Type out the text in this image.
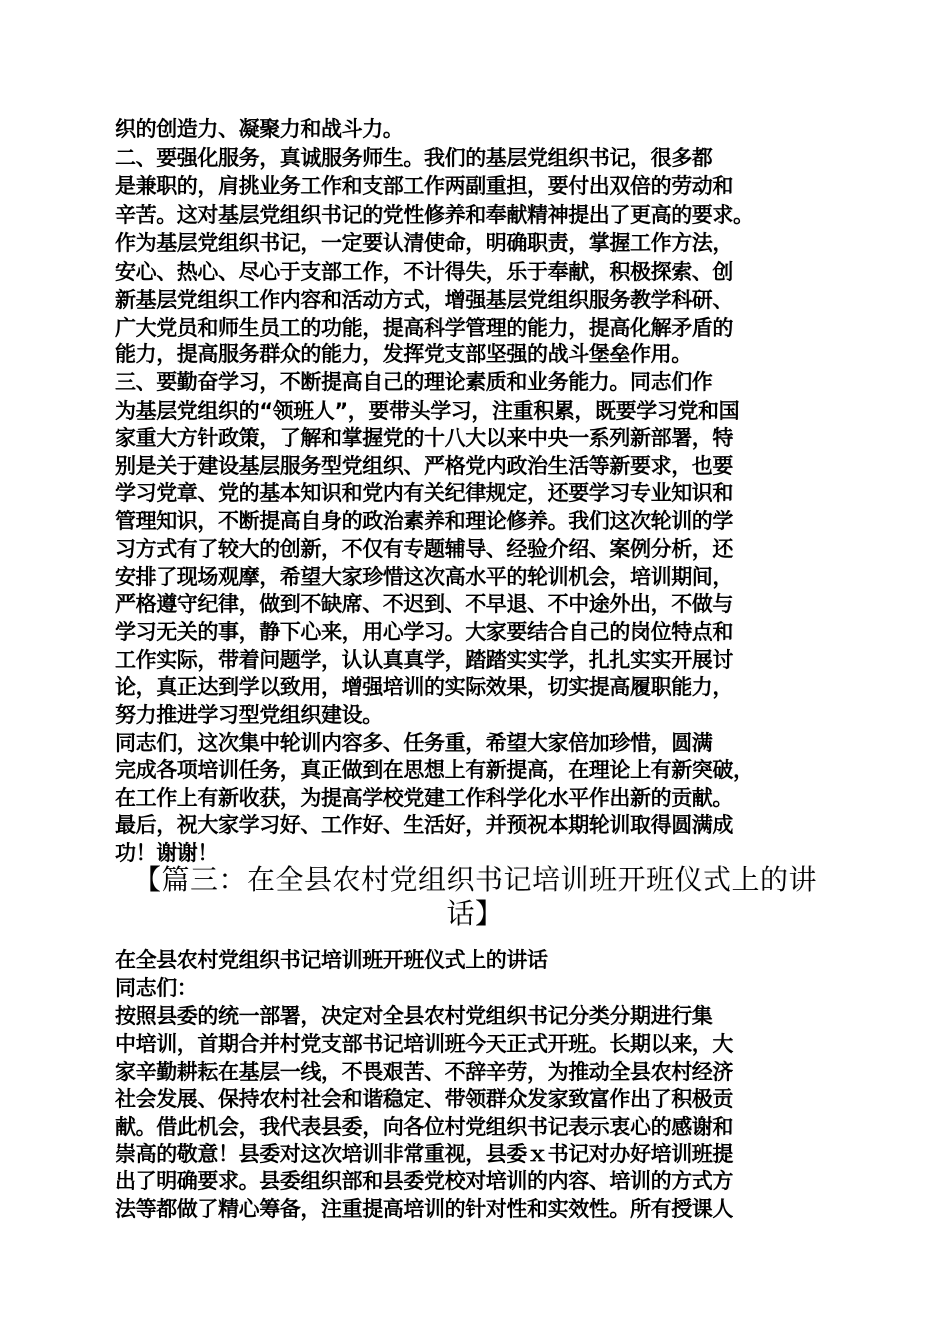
织的创造力、凝聚力和战斗力。
二、要强化服务，真诚服务师生。我们的基层党组织书记，很多都
是兼职的，肩挑业务工作和支部工作两副重担，要付出双倍的劳动和
辛苦。这对基层党组织书记的党性修养和奉献精神提出了更高的要求。
作为基层党组织书记，一定要认清使命，明确职责，掌握工作方法，
安心、热心、尽心于支部工作，不计得失，乐于奉献，积极探索、创
新基层党组织工作内容和活动方式，增强基层党组织服务教学科研、
广大党员和师生员工的功能，提高科学管理的能力，提高化解矛盾的
能力，提高服务群众的能力，发挥党支部坚强的战斗堡垒作用。
三、要勤奋学习，不断提高自己的理论素质和业务能力。同志们作
为基层党组织的“领班人”，要带头学习，注重积累，既要学习党和国
家重大方针政策，了解和掌握党的十八大以来中央一系列新部署，特
别是关于建设基层服务型党组织、严格党内政治生活等新要求，也要
学习党章、党的基本知识和党内有关纪律规定，还要学习专业知识和
管理知识，不断提高自身的政治素养和理论修养。我们这次轮训的学
习方式有了较大的创新，不仅有专题辅导、经验介绍、案例分析，还
安排了现场观摩，希望大家珍惜这次高水平的轮训机会，培训期间，
严格遵守纪律，做到不缺席、不迟到、不早退、不中途外出，不做与
学习无关的事，静下心来，用心学习。大家要结合自己的岗位特点和
工作实际，带着问题学，认认真真学，踏踏实实学，扎扎实实开展讨
论，真正达到学以致用，增强培训的实际效果，切实提高履职能力，
努力推进学习型党组织建设。
同志们，这次集中轮训内容多、任务重，希望大家倍加珍惜，圆满
完成各项培训任务，真正做到在思想上有新提高，在理论上有新突破，
在工作上有新收获，为提高学校党建工作科学化水平作出新的贡献。
最后，祝大家学习好、工作好、生活好，并预祝本期轮训取得圆满成
功！谢谢！
【篇三：在全县农村党组织书记培训班开班仪式上的讲
话】
在全县农村党组织书记培训班开班仪式上的讲话
同志们：
按照县委的统一部署，决定对全县农村党组织书记分类分期进行集
中培训，首期合并村党支部书记培训班今天正式开班。长期以来，大
家辛勤耕耘在基层一线，不畏艰苦、不辞辛劳，为推动全县农村经济
社会发展、保持农村社会和谐稳定、带领群众发家致富作出了积极贡
献。借此机会，我代表县委，向各位村党组织书记表示衷心的感谢和
崇高的敬意！县委对这次培训非常重视，县委ｘ书记对办好培训班提
出了明确要求。县委组织部和县委党校对培训的内容、培训的方式方
法等都做了精心筹备，注重提高培训的针对性和实效性。所有授课人
